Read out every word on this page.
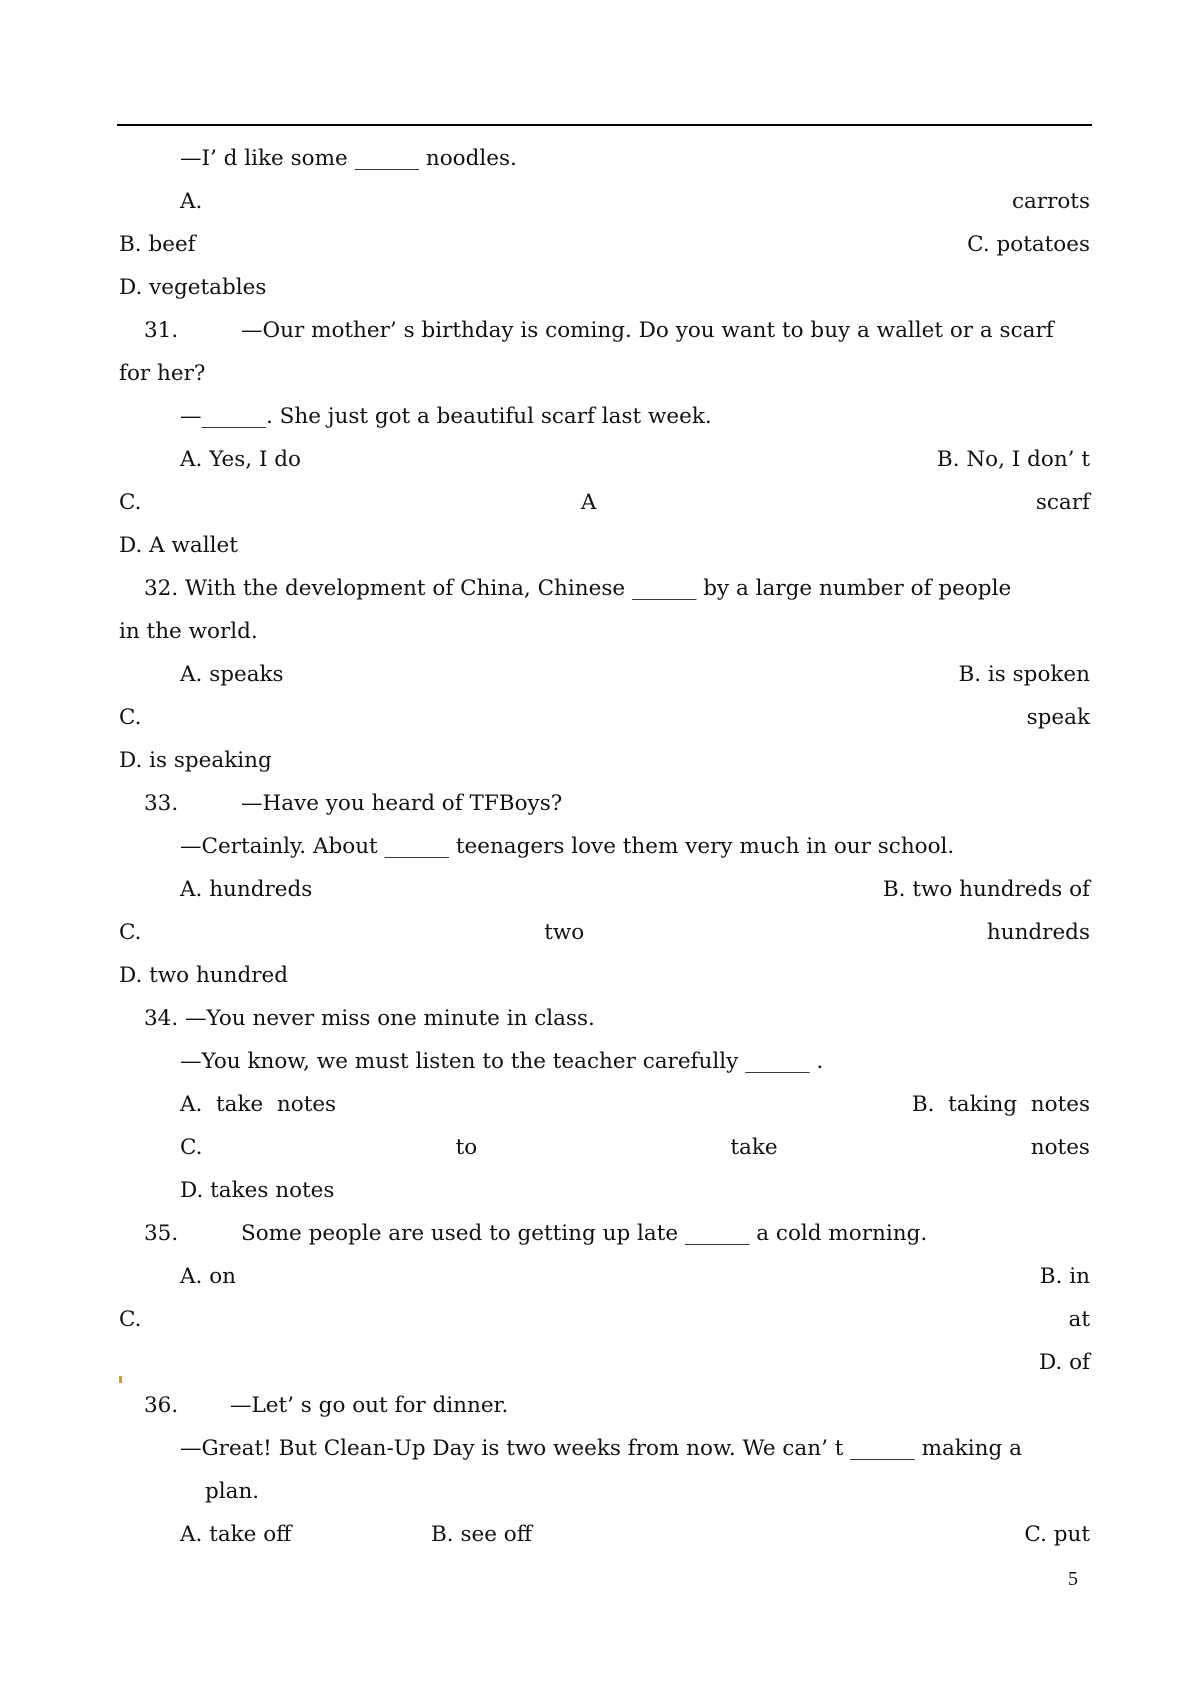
—I’ d like some ______ noodles.
A.	carrots
B. beef	C. potatoes
D. vegetables
31.	—Our mother’ s birthday is coming. Do you want to buy a wallet or a scarf
for her?
—______. She just got a beautiful scarf last week.
A. Yes, I do	B. No, I don’ t
C.	A	scarf
D. A wallet
32. With the development of China, Chinese ______ by a large number of people
in the world.
A. speaks	B. is spoken
C.	speak
D. is speaking
33.	—Have you heard of TFBoys?
—Certainly. About ______ teenagers love them very much in our school.
A. hundreds	B. two hundreds of
C.	two	hundreds
D. two hundred
34. —You never miss one minute in class.
—You know, we must listen to the teacher carefully ______ .
A.  take  notes	B.  taking  notes
C.	to	take	notes
D. takes notes
35.	Some people are used to getting up late ______ a cold morning.
A. on	B. in
C.	at
D. of
36.	—Let’ s go out for dinner.
—Great! But Clean-Up Day is two weeks from now. We can’ t ______ making a
plan.
A. take off	B. see off	C. put
5
